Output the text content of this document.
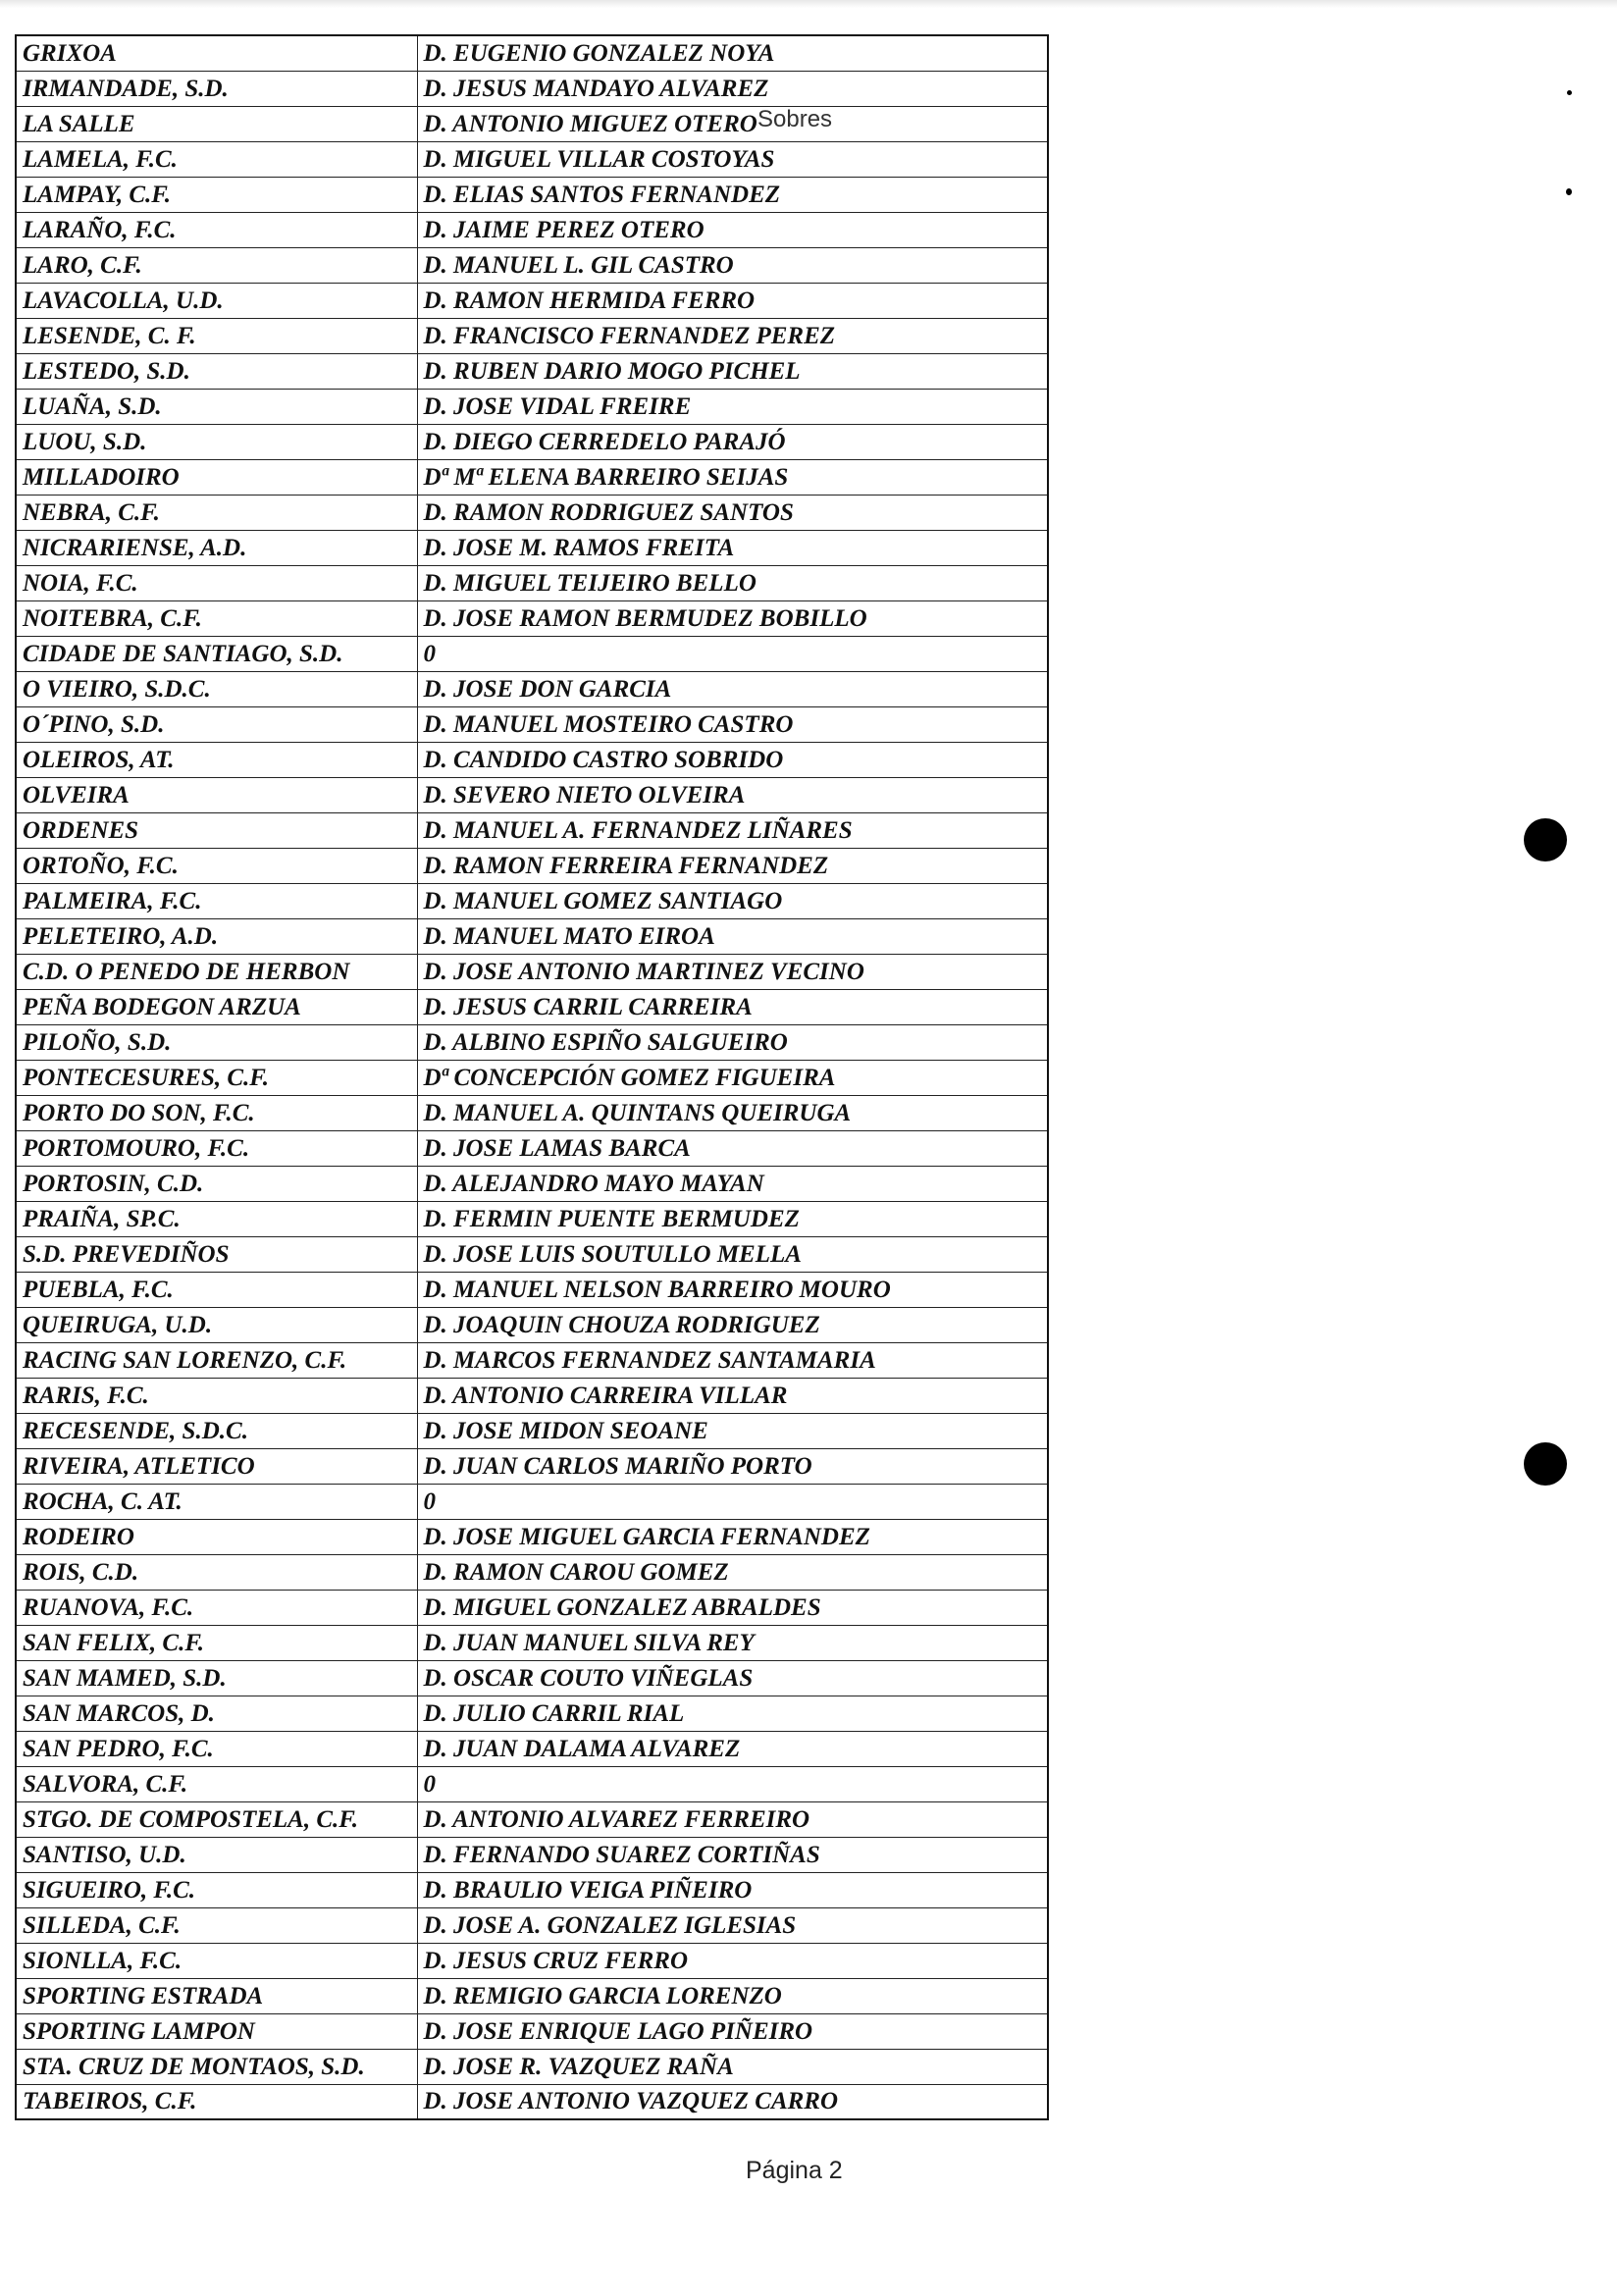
GRIXOA	D. EUGENIO GONZALEZ NOYA
IRMANDADE, S.D.	D. JESUS MANDAYO ALVAREZ
LA SALLE	D. ANTONIO MIGUEZ OTERO
LAMELA, F.C.	D. MIGUEL VILLAR COSTOYAS
LAMPAY, C.F.	D. ELIAS SANTOS FERNANDEZ
LARAÑO, F.C.	D. JAIME PEREZ OTERO
LARO, C.F.	D. MANUEL L. GIL CASTRO
LAVACOLLA, U.D.	D. RAMON HERMIDA FERRO
LESENDE, C. F.	D. FRANCISCO FERNANDEZ PEREZ
LESTEDO, S.D.	D. RUBEN DARIO MOGO PICHEL
LUAÑA, S.D.	D. JOSE VIDAL FREIRE
LUOU, S.D.	D. DIEGO CERREDELO PARAJÓ
MILLADOIRO	Dª Mª ELENA BARREIRO SEIJAS
NEBRA, C.F.	D. RAMON RODRIGUEZ SANTOS
NICRARIENSE, A.D.	D. JOSE M. RAMOS FREITA
NOIA, F.C.	D. MIGUEL TEIJEIRO BELLO
NOITEBRA, C.F.	D. JOSE RAMON BERMUDEZ BOBILLO
CIDADE DE SANTIAGO, S.D.	0
O VIEIRO, S.D.C.	D. JOSE DON GARCIA
O´PINO, S.D.	D. MANUEL MOSTEIRO CASTRO
OLEIROS, AT.	D. CANDIDO CASTRO SOBRIDO
OLVEIRA	D. SEVERO NIETO OLVEIRA
ORDENES	D. MANUEL A. FERNANDEZ LIÑARES
ORTOÑO, F.C.	D. RAMON FERREIRA FERNANDEZ
PALMEIRA, F.C.	D. MANUEL GOMEZ SANTIAGO
PELETEIRO, A.D.	D. MANUEL MATO EIROA
C.D. O PENEDO DE HERBON	D. JOSE ANTONIO MARTINEZ VECINO
PEÑA BODEGON ARZUA	D. JESUS CARRIL CARREIRA
PILOÑO, S.D.	D. ALBINO ESPIÑO SALGUEIRO
PONTECESURES, C.F.	Dª CONCEPCIÓN GOMEZ FIGUEIRA
PORTO DO SON, F.C.	D. MANUEL A. QUINTANS QUEIRUGA
PORTOMOURO, F.C.	D. JOSE LAMAS BARCA
PORTOSIN, C.D.	D. ALEJANDRO MAYO MAYAN
PRAIÑA, SP.C.	D. FERMIN PUENTE BERMUDEZ
S.D. PREVEDIÑOS	D. JOSE LUIS SOUTULLO MELLA
PUEBLA, F.C.	D. MANUEL NELSON BARREIRO MOURO
QUEIRUGA, U.D.	D. JOAQUIN CHOUZA RODRIGUEZ
RACING SAN LORENZO, C.F.	D. MARCOS FERNANDEZ SANTAMARIA
RARIS, F.C.	D. ANTONIO CARREIRA VILLAR
RECESENDE, S.D.C.	D. JOSE MIDON SEOANE
RIVEIRA, ATLETICO	D. JUAN CARLOS MARIÑO PORTO
ROCHA, C. AT.	0
RODEIRO	D. JOSE MIGUEL GARCIA FERNANDEZ
ROIS, C.D.	D. RAMON CAROU GOMEZ
RUANOVA, F.C.	D. MIGUEL GONZALEZ ABRALDES
SAN FELIX, C.F.	D. JUAN MANUEL SILVA REY
SAN MAMED, S.D.	D. OSCAR COUTO VIÑEGLAS
SAN MARCOS, D.	D. JULIO CARRIL RIAL
SAN PEDRO, F.C.	D. JUAN DALAMA ALVAREZ
SALVORA, C.F.	0
STGO. DE COMPOSTELA, C.F.	D. ANTONIO ALVAREZ FERREIRO
SANTISO, U.D.	D. FERNANDO SUAREZ CORTIÑAS
SIGUEIRO, F.C.	D. BRAULIO VEIGA PIÑEIRO
SILLEDA, C.F.	D. JOSE A. GONZALEZ IGLESIAS
SIONLLA, F.C.	D. JESUS CRUZ FERRO
SPORTING ESTRADA	D. REMIGIO GARCIA LORENZO
SPORTING LAMPON	D. JOSE ENRIQUE LAGO PIÑEIRO
STA. CRUZ DE MONTAOS, S.D.	D. JOSE R. VAZQUEZ RAÑA
TABEIROS, C.F.	D. JOSE ANTONIO VAZQUEZ CARRO
Sobres
Página 2
